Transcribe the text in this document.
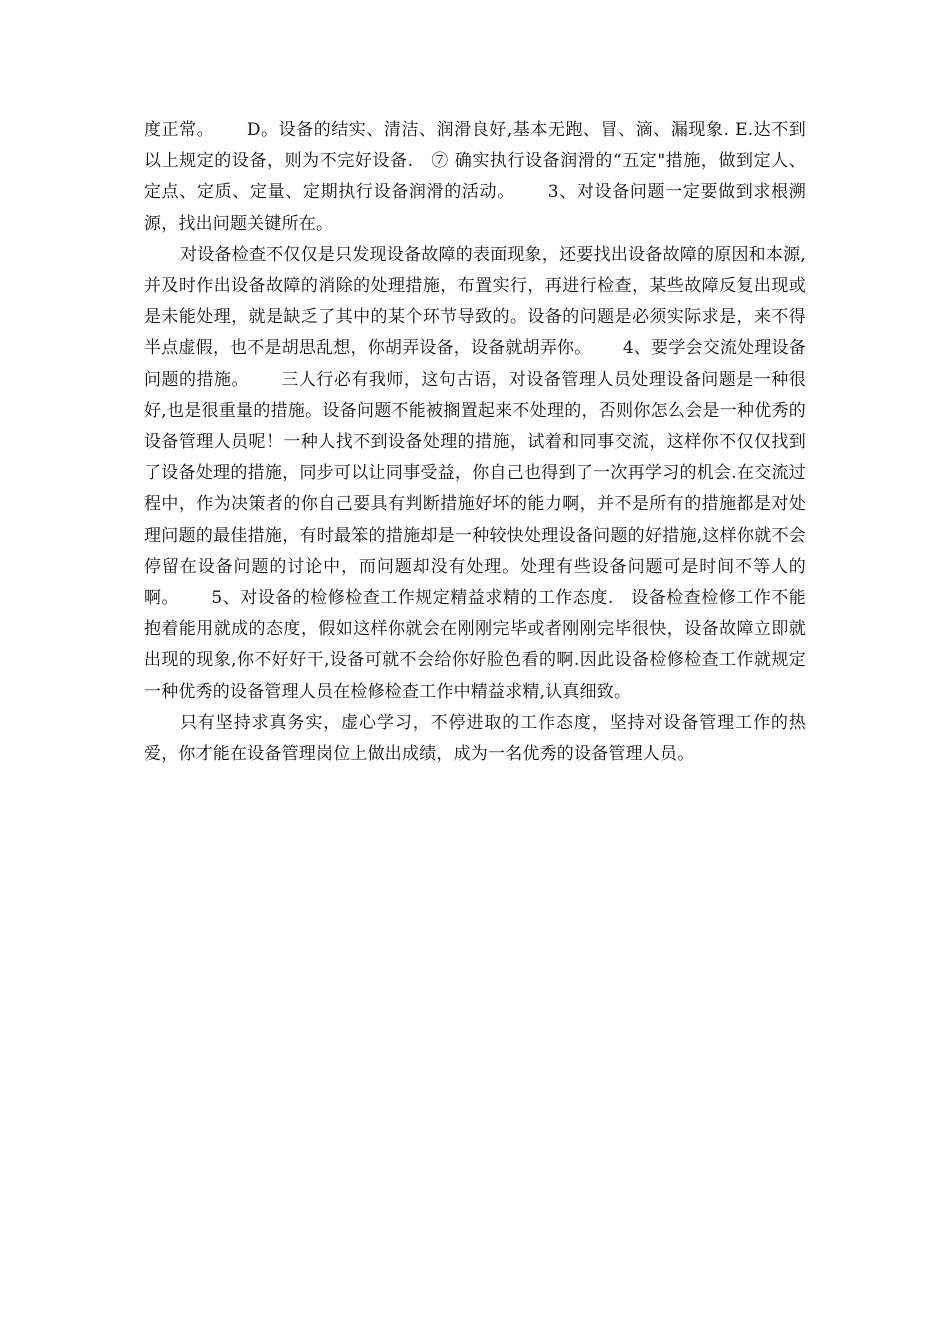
度正常。　　 D。设备的结实、清洁、润滑良好,基本无跑、冒、滴、漏现象. E.达不到以上规定的设备，则为不完好设备.　⑦ 确实执行设备润滑的“五定"措施，做到定人、定点、定质、定量、定期执行设备润滑的活动。　　 3、对设备问题一定要做到求根溯源，找出问题关键所在。

对设备检查不仅仅是只发现设备故障的表面现象，还要找出设备故障的原因和本源,并及时作出设备故障的消除的处理措施，布置实行，再进行检查，某些故障反复出现或是未能处理，就是缺乏了其中的某个环节导致的。设备的问题是必须实际求是，来不得半点虚假，也不是胡思乱想，你胡弄设备，设备就胡弄你。　　 4、要学会交流处理设备问题的措施。　　 三人行必有我师，这句古语，对设备管理人员处理设备问题是一种很好,也是很重量的措施。设备问题不能被搁置起来不处理的，否则你怎么会是一种优秀的设备管理人员呢！一种人找不到设备处理的措施，试着和同事交流，这样你不仅仅找到了设备处理的措施，同步可以让同事受益，你自己也得到了一次再学习的机会.在交流过程中，作为决策者的你自己要具有判断措施好坏的能力啊，并不是所有的措施都是对处理问题的最佳措施，有时最笨的措施却是一种较快处理设备问题的好措施,这样你就不会停留在设备问题的讨论中，而问题却没有处理。处理有些设备问题可是时间不等人的啊。　　 5、对设备的检修检查工作规定精益求精的工作态度.　设备检查检修工作不能抱着能用就成的态度，假如这样你就会在刚刚完毕或者刚刚完毕很快，设备故障立即就出现的现象,你不好好干,设备可就不会给你好脸色看的啊.因此设备检修检查工作就规定一种优秀的设备管理人员在检修检查工作中精益求精,认真细致。

只有坚持求真务实，虚心学习，不停进取的工作态度，坚持对设备管理工作的热爱，你才能在设备管理岗位上做出成绩，成为一名优秀的设备管理人员。
